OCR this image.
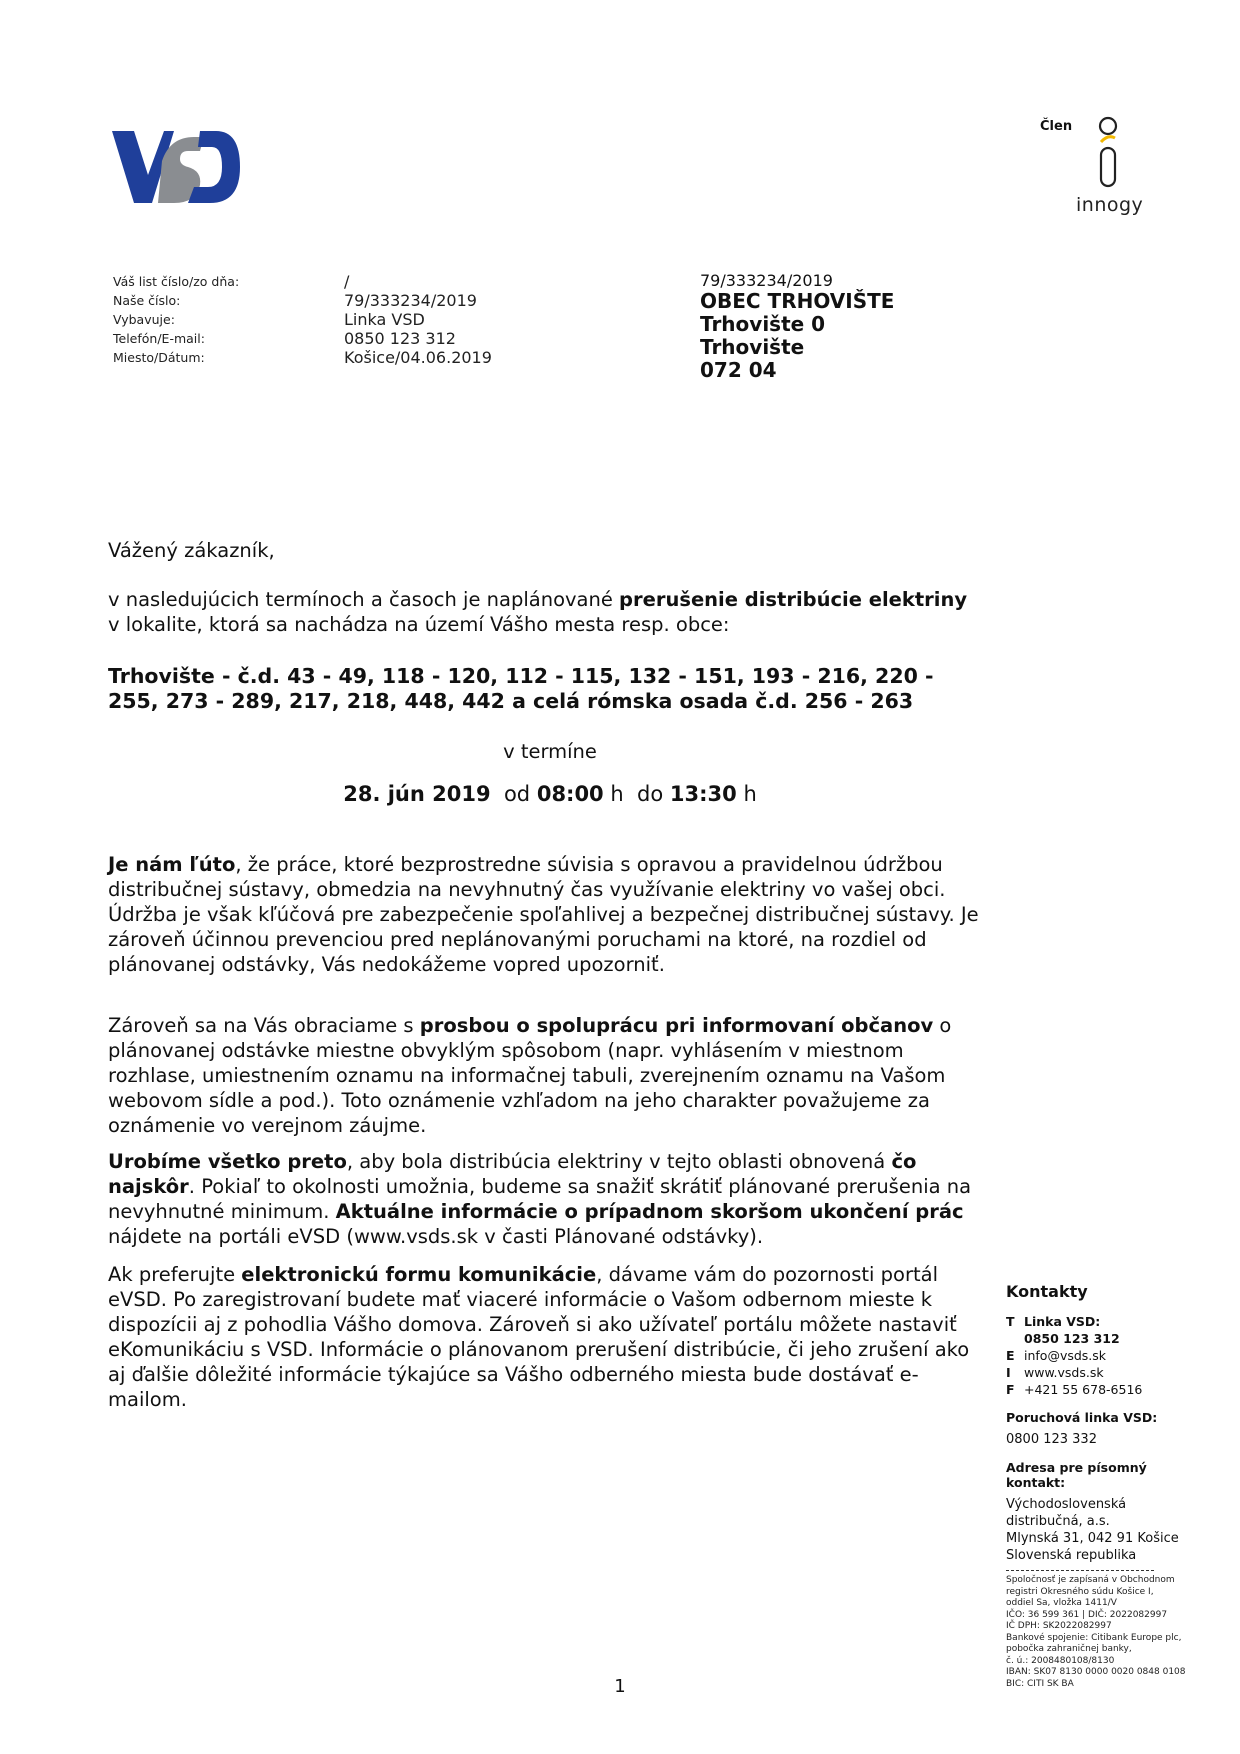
Člen
innogy
Váš list číslo/zo dňa:
Naše číslo:
Vybavuje:
Telefón/E-mail:
Miesto/Dátum:
/
79/333234/2019
Linka VSD
0850 123 312
Košice/04.06.2019
79/333234/2019
OBEC TRHOVIŠTE
Trhovište 0
Trhovište
072 04
Vážený zákazník,
v nasledujúcich termínoch a časoch je naplánované prerušenie distribúcie elektriny
v lokalite, ktorá sa nachádza na území Vášho mesta resp. obce:
Trhovište - č.d. 43 - 49, 118 - 120, 112 - 115, 132 - 151, 193 - 216, 220 - 255, 273 - 289, 217, 218, 448, 442 a celá rómska osada č.d. 256 - 263
v termíne
28. jún 2019 od 08:00 h do 13:30 h
Je nám ľúto, že práce, ktoré bezprostredne súvisia s opravou a pravidelnou údržbou distribučnej sústavy, obmedzia na nevyhnutný čas využívanie elektriny vo vašej obci. Údržba je však kľúčová pre zabezpečenie spoľahlivej a bezpečnej distribučnej sústavy. Je zároveň účinnou prevenciou pred neplánovanými poruchami na ktoré, na rozdiel od plánovanej odstávky, Vás nedokážeme vopred upozorniť.
Zároveň sa na Vás obraciame s prosbou o spoluprácu pri informovaní občanov o plánovanej odstávke miestne obvyklým spôsobom (napr. vyhlásením v miestnom rozhlase, umiestnením oznamu na informačnej tabuli, zverejnením oznamu na Vašom webovom sídle a pod.). Toto oznámenie vzhľadom na jeho charakter považujeme za oznámenie vo verejnom záujme.
Urobíme všetko preto, aby bola distribúcia elektriny v tejto oblasti obnovená čo najskôr. Pokiaľ to okolnosti umožnia, budeme sa snažiť skrátiť plánované prerušenia na nevyhnutné minimum. Aktuálne informácie o prípadnom skoršom ukončení prác nájdete na portáli eVSD (www.vsds.sk v časti Plánované odstávky).
Ak preferujte elektronickú formu komunikácie, dávame vám do pozornosti portál eVSD. Po zaregistrovaní budete mať viaceré informácie o Vašom odbernom mieste k dispozícii aj z pohodlia Vášho domova. Zároveň si ako užívateľ portálu môžete nastaviť eKomunikáciu s VSD. Informácie o plánovanom prerušení distribúcie, či jeho zrušení ako aj ďalšie dôležité informácie týkajúce sa Vášho odberného miesta bude dostávať e-mailom.
Kontakty
T Linka VSD:
0850 123 312
E info@vsds.sk
I	www.vsds.sk
F +421 55 678-6516
Poruchová linka VSD:
0800 123 332
Adresa pre písomný kontakt:
Východoslovenská
distribučná, a.s.
Mlynská 31, 042 91 Košice
Slovenská republika
Spoločnosť je zapísaná v Obchodnom
registri Okresného súdu Košice I,
oddiel Sa, vložka 1411/V
IČO: 36 599 361 | DIČ: 2022082997
IČ DPH: SK2022082997
Bankové spojenie: Citibank Europe plc,
pobočka zahraničnej banky,
č. ú.: 2008480108/8130
IBAN: SK07 8130 0000 0020 0848 0108
BIC: CITI SK BA
1
